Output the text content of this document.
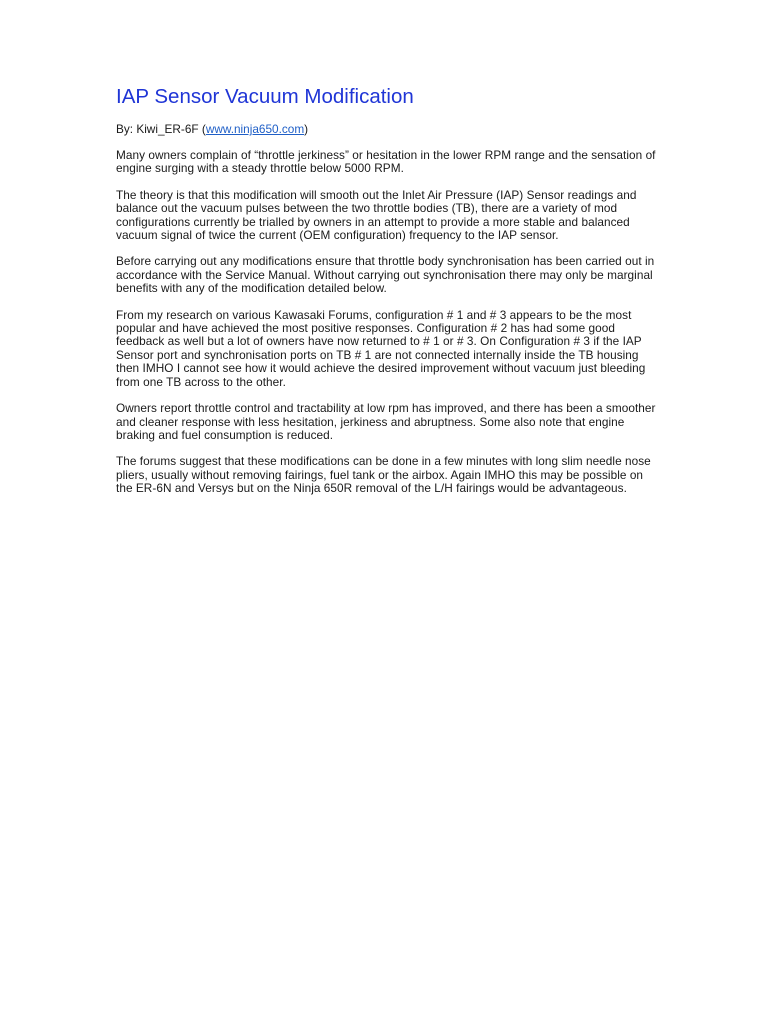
IAP Sensor Vacuum Modification

By: Kiwi_ER-6F (www.ninja650.com)

Many owners complain of “throttle jerkiness” or hesitation in the lower RPM range and the sensation of engine surging with a steady throttle below 5000 RPM.

The theory is that this modification will smooth out the Inlet Air Pressure (IAP) Sensor readings and balance out the vacuum pulses between the two throttle bodies (TB), there are a variety of mod configurations currently be trialled by owners in an attempt to provide a more stable and balanced vacuum signal of twice the current (OEM configuration) frequency to the IAP sensor.

Before carrying out any modifications ensure that throttle body synchronisation has been carried out in accordance with the Service Manual. Without carrying out synchronisation there may only be marginal benefits with any of the modification detailed below.

From my research on various Kawasaki Forums, configuration # 1 and # 3 appears to be the most popular and have achieved the most positive responses. Configuration # 2 has had some good feedback as well but a lot of owners have now returned to # 1 or # 3. On Configuration # 3 if the IAP Sensor port and synchronisation ports on TB # 1 are not connected internally inside the TB housing then IMHO I cannot see how it would achieve the desired improvement without vacuum just bleeding from one TB across to the other.

Owners report throttle control and tractability at low rpm has improved, and there has been a smoother and cleaner response with less hesitation, jerkiness and abruptness. Some also note that engine braking and fuel consumption is reduced.

The forums suggest that these modifications can be done in a few minutes with long slim needle nose pliers, usually without removing fairings, fuel tank or the airbox. Again IMHO this may be possible on the ER-6N and Versys but on the Ninja 650R removal of the L/H fairings would be advantageous.
